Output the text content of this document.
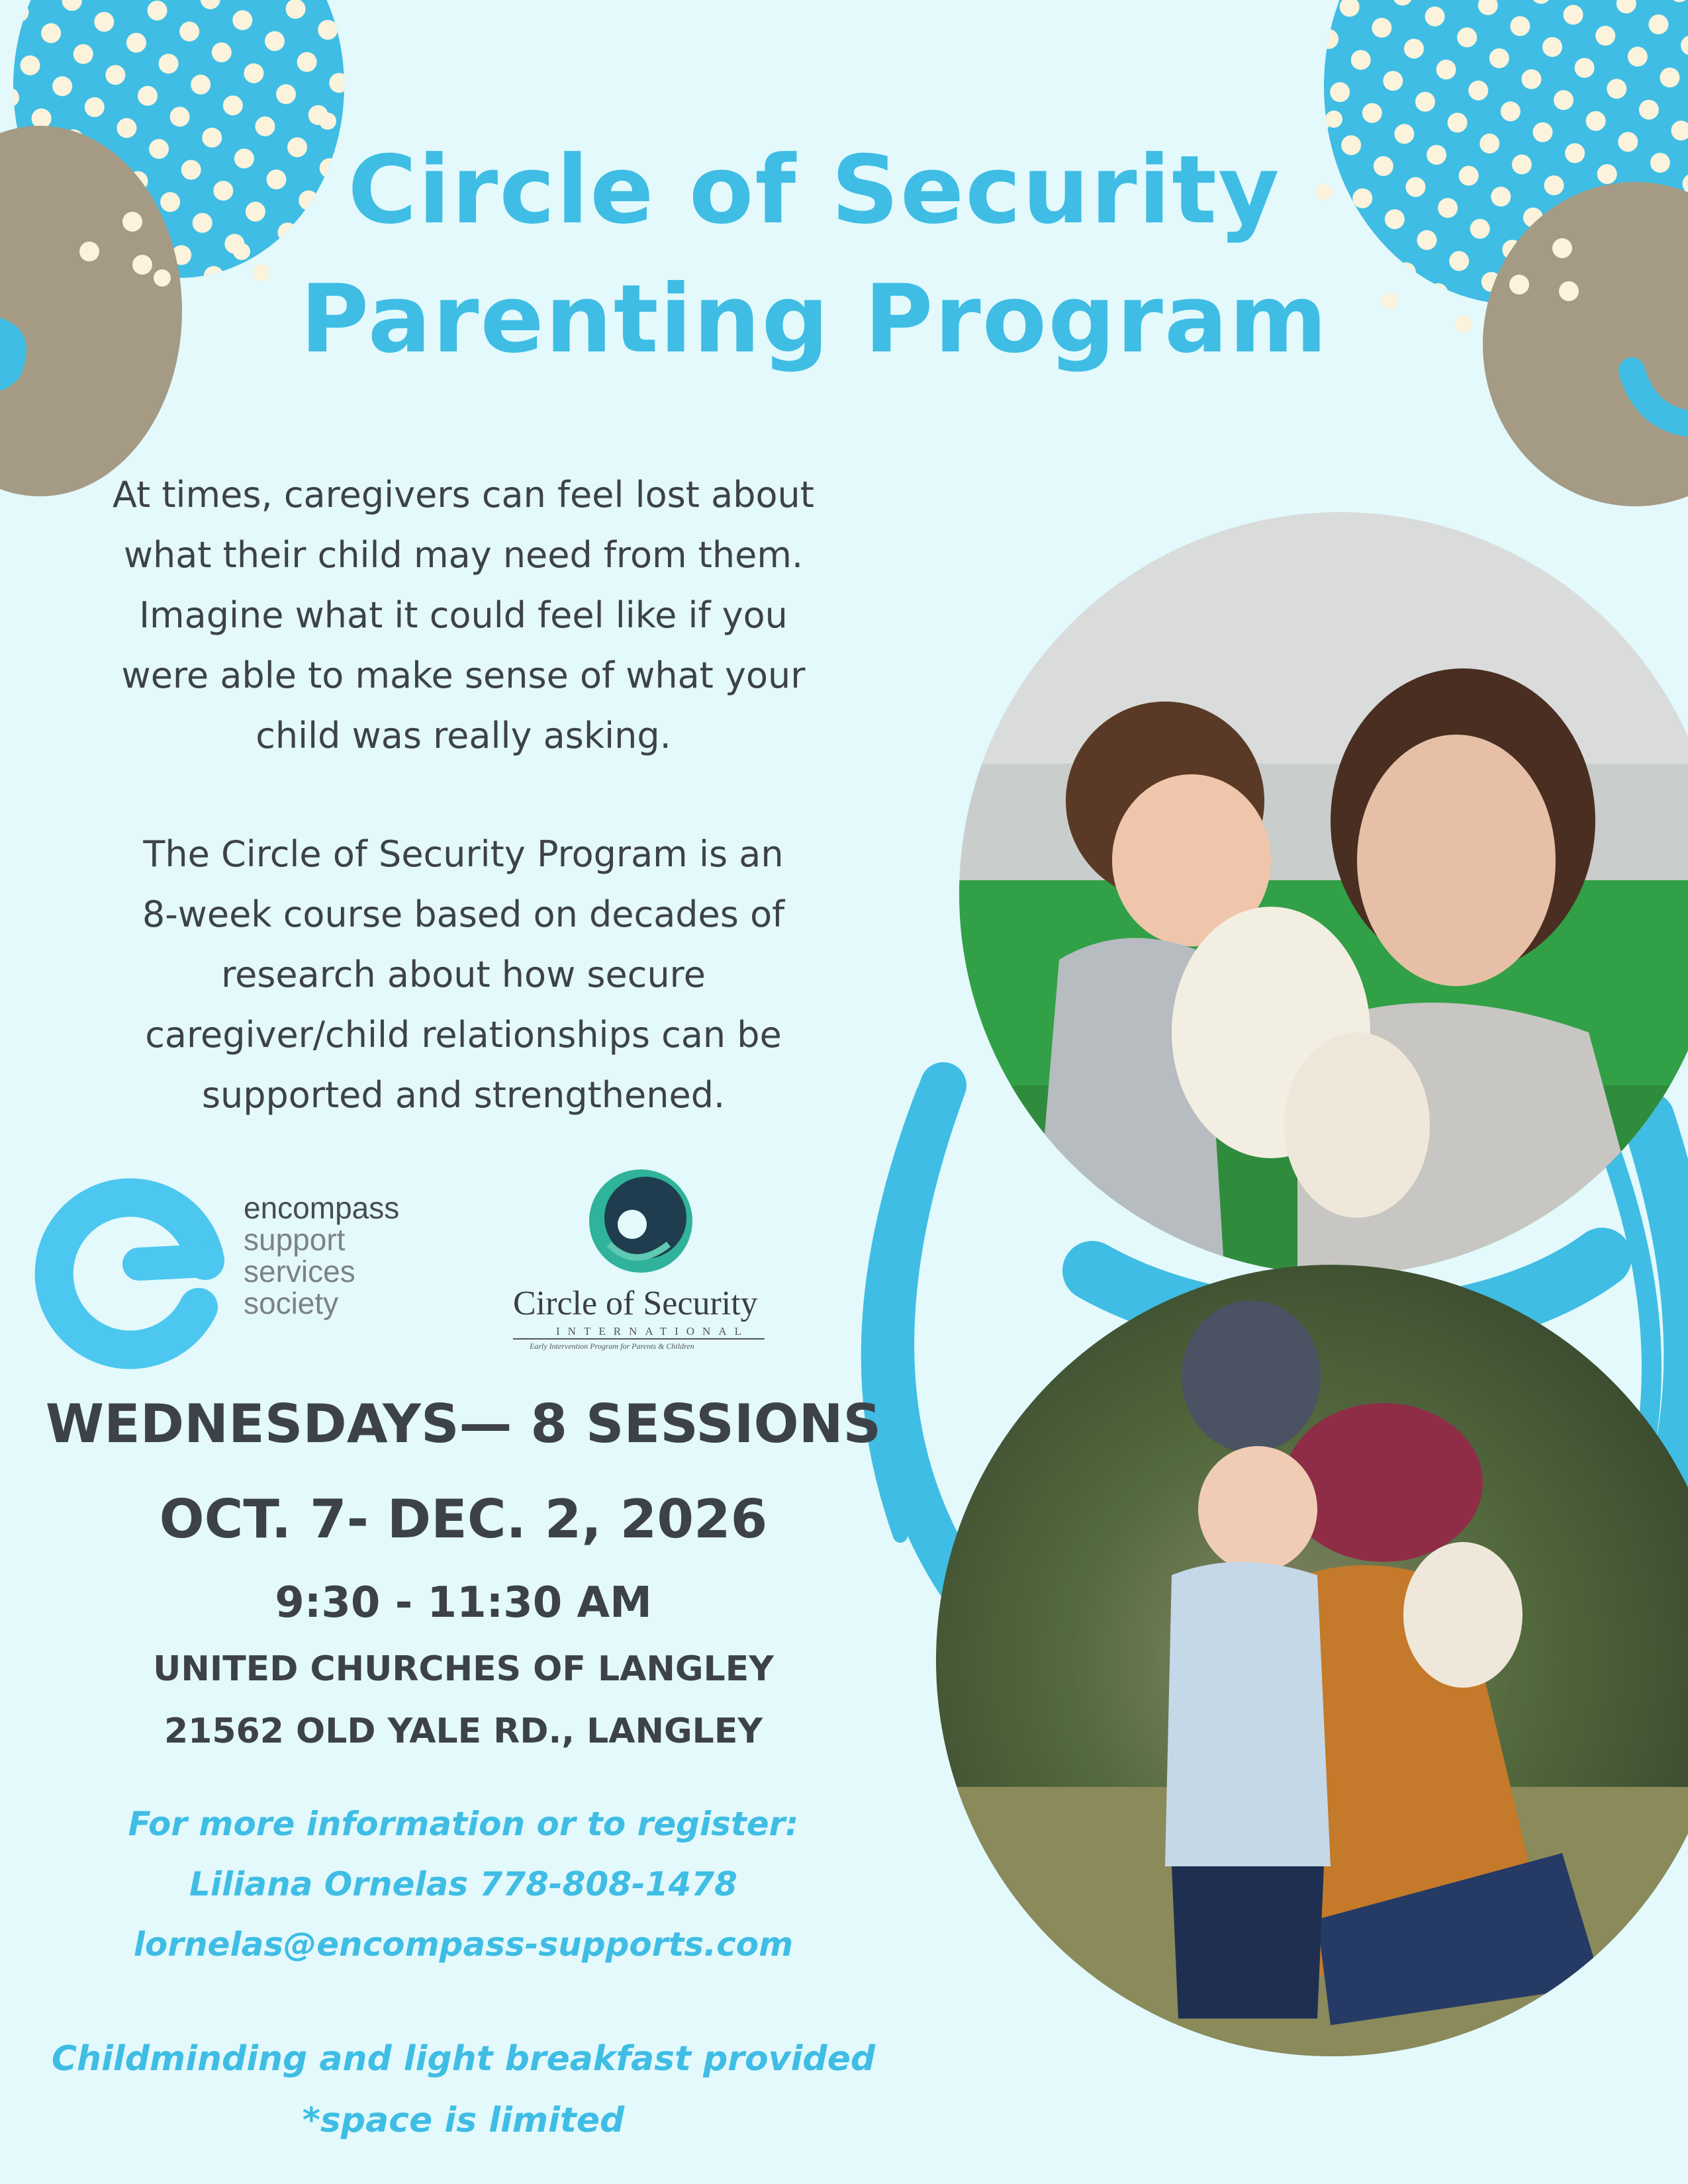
Circle of Security
Parenting Program
At times, caregivers can feel lost about
what their child may need from them.
Imagine what it could feel like if you
were able to make sense of what your
child was really asking.
The Circle of Security Program is an
8-week course based on decades of
research about how secure
caregiver/child relationships can be
supported and strengthened.
encompass
support
services
society	Circle of Security
INTERNATIONAL
Early Intervention Program for Parents & Children
WEDNESDAYS— 8 SESSIONS
OCT. 7- DEC. 2, 2026
9:30 - 11:30 AM
UNITED CHURCHES OF LANGLEY
21562 OLD YALE RD., LANGLEY
For more information or to register:
Liliana Ornelas 778-808-1478
lornelas@encompass-supports.com
Childminding and light breakfast provided
*space is limited
